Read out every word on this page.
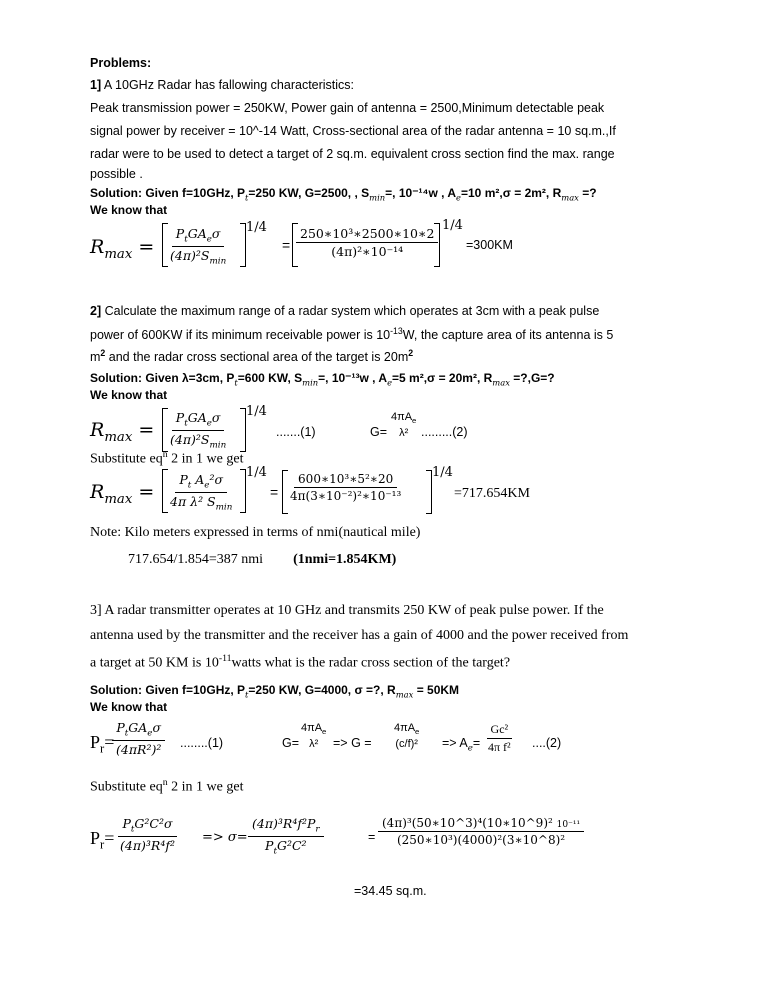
Problems:
1] A 10GHz Radar has fallowing characteristics:
Peak transmission power = 250KW, Power gain of antenna = 2500,Minimum detectable peak
signal power by receiver = 10^-14 Watt, Cross-sectional area of the radar antenna = 10 sq.m.,If
radar were to be used to detect a target of 2 sq.m. equivalent cross section find the max. range
possible .
Solution: Given f=10GHz, $P_t=250$ KW, G=2500, , $S_{min}=$, 10⁻¹⁴w , $A_e=10$ m²,σ = 2m², $R_{max}$ =?
We know that
$R_{max}$ =
$P_tGA_e\sigma$
$(4\pi)^2S_{min}$
1/4
= $\frac{\text{250∗10³∗2500∗10∗2}}{\text{(4π)²∗10⁻¹⁴}}$
1/4
=300KM
2] Calculate the maximum range of a radar system which operates at 3cm with a peak pulse
power of 600KW if its minimum receivable power is $10^{-13}W$, the capture area of its antenna is 5
$m^2$ and the radar cross sectional area of the target is $20m^2$
Solution: Given λ=3cm, $P_t=600$ KW, $S_{min}=$, 10⁻¹³w , $A_e=5$ m²,σ = 20m², $R_{max}$ =?,G=?
We know that
$R_{max}$ =
$P_tGA_e\sigma$
$(4\pi)^2S_{min}$
1/4
.......(1)	G=
$4\pi A_e$
λ²	.........(2)
Substitute $eq^n$ 2 in 1 we get
$R_{max}$ =
$P_t$ $A_e^2\sigma$
4π λ² $S_{min}$
1/4
= $\frac{\text{600∗10³∗5²∗20}}{\text{4π(3∗10⁻²)²∗10⁻¹³}} 1/4$
=717.654KM
Note: Kilo meters expressed in terms of nmi(nautical mile)
717.654/1.854=387 nmi (1nmi=1.854KM)
3] A radar transmitter operates at 10 GHz and transmits 250 KW of peak pulse power. If the
antenna used by the transmitter and the receiver has a gain of 4000 and the power received from
a target at 50 KM is $10^{-11}watts$ what is the radar cross section of the target?
Solution: Given f=10GHz, $P_t=250$ KW, G=4000, σ =?, $R_{max} = 50KM$
We know that
$P_r=$
$P_tGA_e\sigma$
(4πR²)²	........(1)	G=
$4\pi A_e$
λ²	=> G =
$4\pi A_e$
(c/f)²	=> $A_e= \frac{\text{Gc²}}{\text{4π f²}} ....(2)$
Substitute $eq^n$ 2 in 1 we get
$P_r=$
$P_tG^2C^2\sigma$
(4π)³R⁴f²	=> σ=
$(4\pi)^3R^4f^2P_r$
$P_tG^2C^2$
= $\frac{\text{(4π)³(50∗10\textasciicircum{}3)⁴(10∗10\textasciicircum{}9)² 10⁻¹¹}}{\text{(250∗10³)(4000)²(3∗10\textasciicircum{}8)²}}$
=34.45 sq.m.
